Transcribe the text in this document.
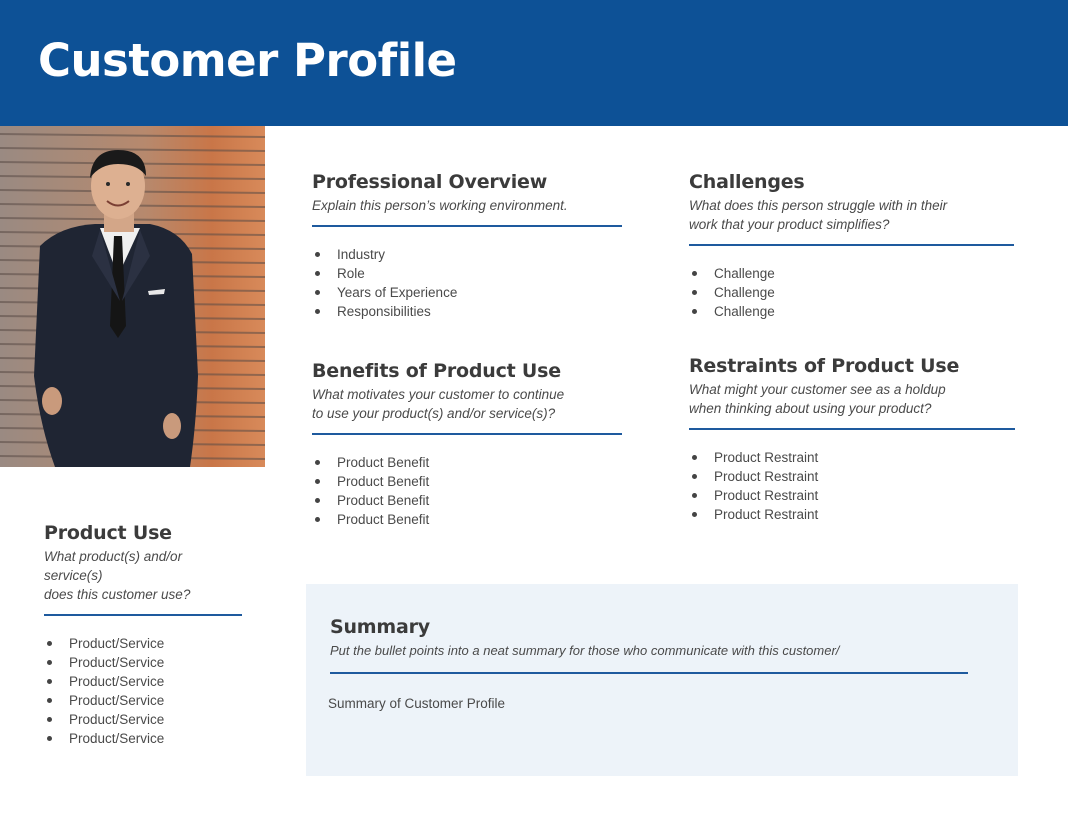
Customer Profile
Professional Overview

Explain this person’s working environment.

Industry
Role
Years of Experience
Responsibilities
Challenges

What does this person struggle with in their
work that your product simplifies?

Challenge
Challenge
Challenge
Benefits of Product Use

What motivates your customer to continue
to use your product(s) and/or service(s)?

Product Benefit
Product Benefit
Product Benefit
Product Benefit
Restraints of Product Use

What might your customer see as a holdup
when thinking about using your product?

Product Restraint
Product Restraint
Product Restraint
Product Restraint
Product Use

What product(s) and/or service(s)
does this customer use?

Product/Service
Product/Service
Product/Service
Product/Service
Product/Service
Product/Service
Summary

Put the bullet points into a neat summary for those who communicate with this customer/

Summary of Customer Profile
